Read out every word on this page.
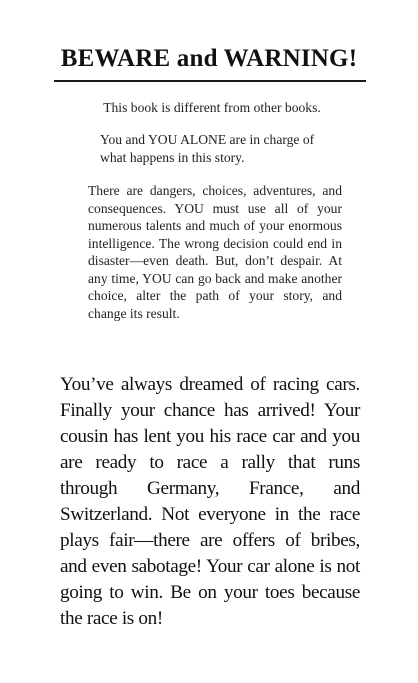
BEWARE and WARNING!
This book is different from other books.
You and YOU ALONE are in charge of what happens in this story.
There are dangers, choices, adventures, and consequences. YOU must use all of your numerous talents and much of your enormous intelligence. The wrong decision could end in disaster—even death. But, don’t despair. At any time, YOU can go back and make another choice, alter the path of your story, and change its result.
You’ve always dreamed of racing cars. Finally your chance has arrived! Your cousin has lent you his race car and you are ready to race a rally that runs through Germany, France, and Switzerland. Not everyone in the race plays fair—there are offers of bribes, and even sabotage! Your car alone is not going to win. Be on your toes because the race is on!
